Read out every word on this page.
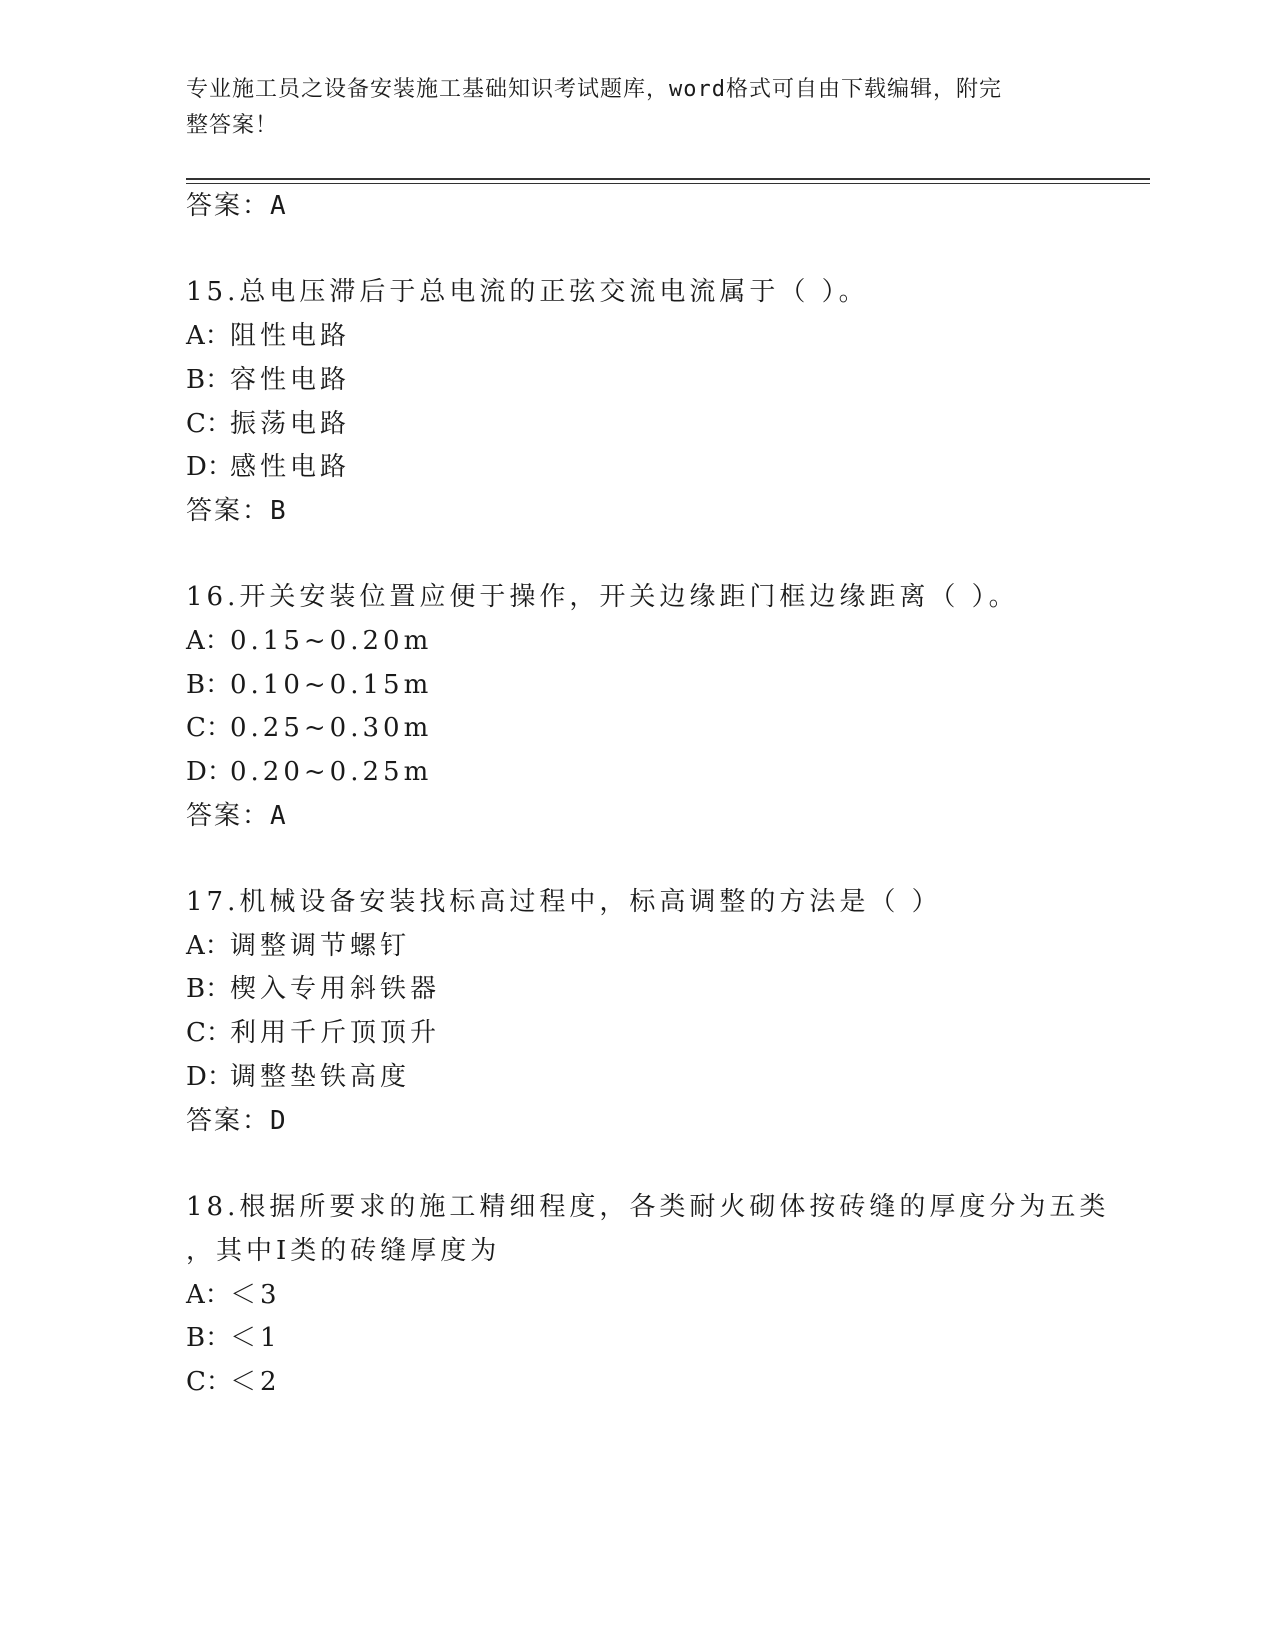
专业施工员之设备安装施工基础知识考试题库，word格式可自由下载编辑，附完
整答案！
答案：A
15.总电压滞后于总电流的正弦交流电流属于（ ）。
A：阻性电路
B：容性电路
C：振荡电路
D：感性电路
答案：B
16.开关安装位置应便于操作，开关边缘距门框边缘距离（ ）。
A：0.15~0.20m
B：0.10~0.15m
C：0.25~0.30m
D：0.20~0.25m
答案：A
17.机械设备安装找标高过程中，标高调整的方法是（ ）
A：调整调节螺钉
B：楔入专用斜铁器
C：利用千斤顶顶升
D：调整垫铁高度
答案：D
18.根据所要求的施工精细程度，各类耐火砌体按砖缝的厚度分为五类
，其中Ⅰ类的砖缝厚度为
A：＜3
B：＜1
C：＜2
